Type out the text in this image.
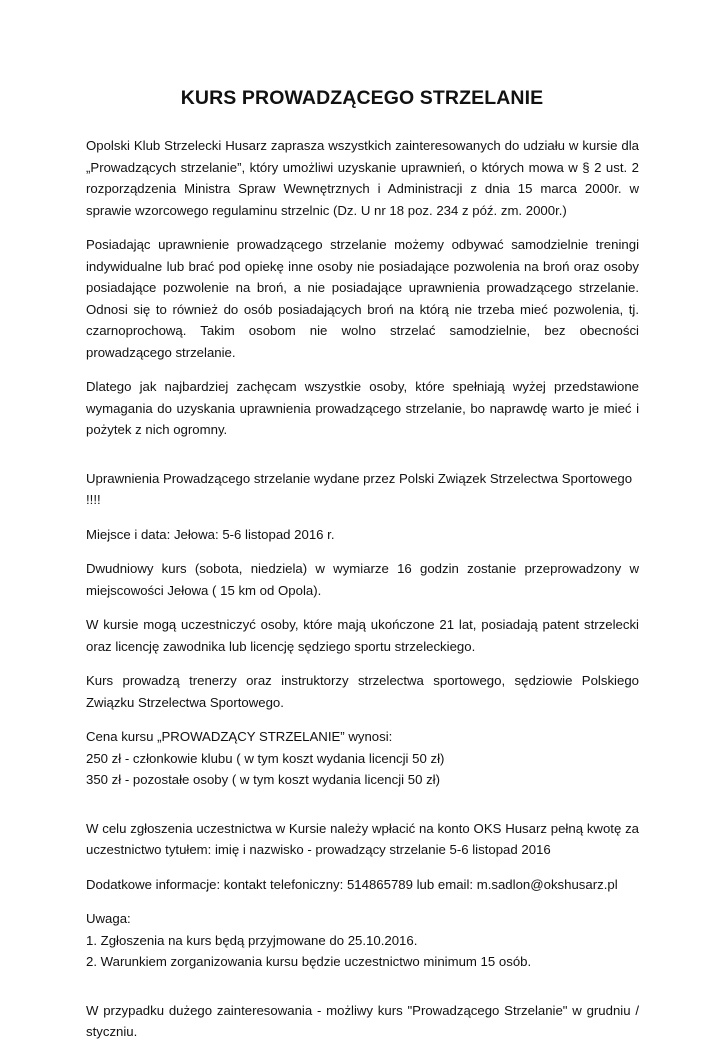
KURS PROWADZĄCEGO STRZELANIE

Opolski Klub Strzelecki Husarz zaprasza wszystkich zainteresowanych do udziału w kursie dla „Prowadzących strzelanie”, który umożliwi uzyskanie uprawnień, o których mowa w § 2 ust. 2 rozporządzenia Ministra Spraw Wewnętrznych i Administracji z dnia 15 marca 2000r. w sprawie wzorcowego regulaminu strzelnic (Dz. U nr 18 poz. 234 z póź. zm. 2000r.)

Posiadając uprawnienie prowadzącego strzelanie możemy odbywać samodzielnie treningi indywidualne lub brać pod opiekę inne osoby nie posiadające pozwolenia na broń oraz osoby posiadające pozwolenie na broń, a nie posiadające uprawnienia prowadzącego strzelanie. Odnosi się to również do osób posiadających broń na którą nie trzeba mieć pozwolenia, tj. czarnoprochową. Takim osobom nie wolno strzelać samodzielnie, bez obecności prowadzącego strzelanie.

Dlatego jak najbardziej zachęcam wszystkie osoby, które spełniają wyżej przedstawione wymagania do uzyskania uprawnienia prowadzącego strzelanie, bo naprawdę warto je mieć i pożytek z nich ogromny.

Uprawnienia Prowadzącego strzelanie wydane przez Polski Związek Strzelectwa Sportowego !!!!

Miejsce i data: Jełowa: 5-6 listopad 2016 r.

Dwudniowy kurs (sobota, niedziela) w wymiarze 16 godzin zostanie przeprowadzony w miejscowości Jełowa ( 15 km od Opola).

W kursie mogą uczestniczyć osoby, które mają ukończone 21 lat, posiadają patent strzelecki oraz licencję zawodnika lub licencję sędziego sportu strzeleckiego.

Kurs prowadzą trenerzy oraz instruktorzy strzelectwa sportowego, sędziowie Polskiego Związku Strzelectwa Sportowego.

Cena kursu „PROWADZĄCY STRZELANIE” wynosi:
250 zł - członkowie klubu ( w tym koszt wydania licencji 50 zł)
350 zł - pozostałe osoby ( w tym koszt wydania licencji 50 zł)

W celu zgłoszenia uczestnictwa w Kursie należy wpłacić na konto OKS Husarz pełną kwotę za uczestnictwo tytułem: imię i nazwisko - prowadzący strzelanie 5-6 listopad 2016

Dodatkowe informacje: kontakt telefoniczny: 514865789 lub email: m.sadlon@okshusarz.pl

Uwaga:
1. Zgłoszenia na kurs będą przyjmowane do 25.10.2016.
2. Warunkiem zorganizowania kursu będzie uczestnictwo minimum 15 osób.

W przypadku dużego zainteresowania - możliwy kurs "Prowadzącego Strzelanie" w grudniu / styczniu.
